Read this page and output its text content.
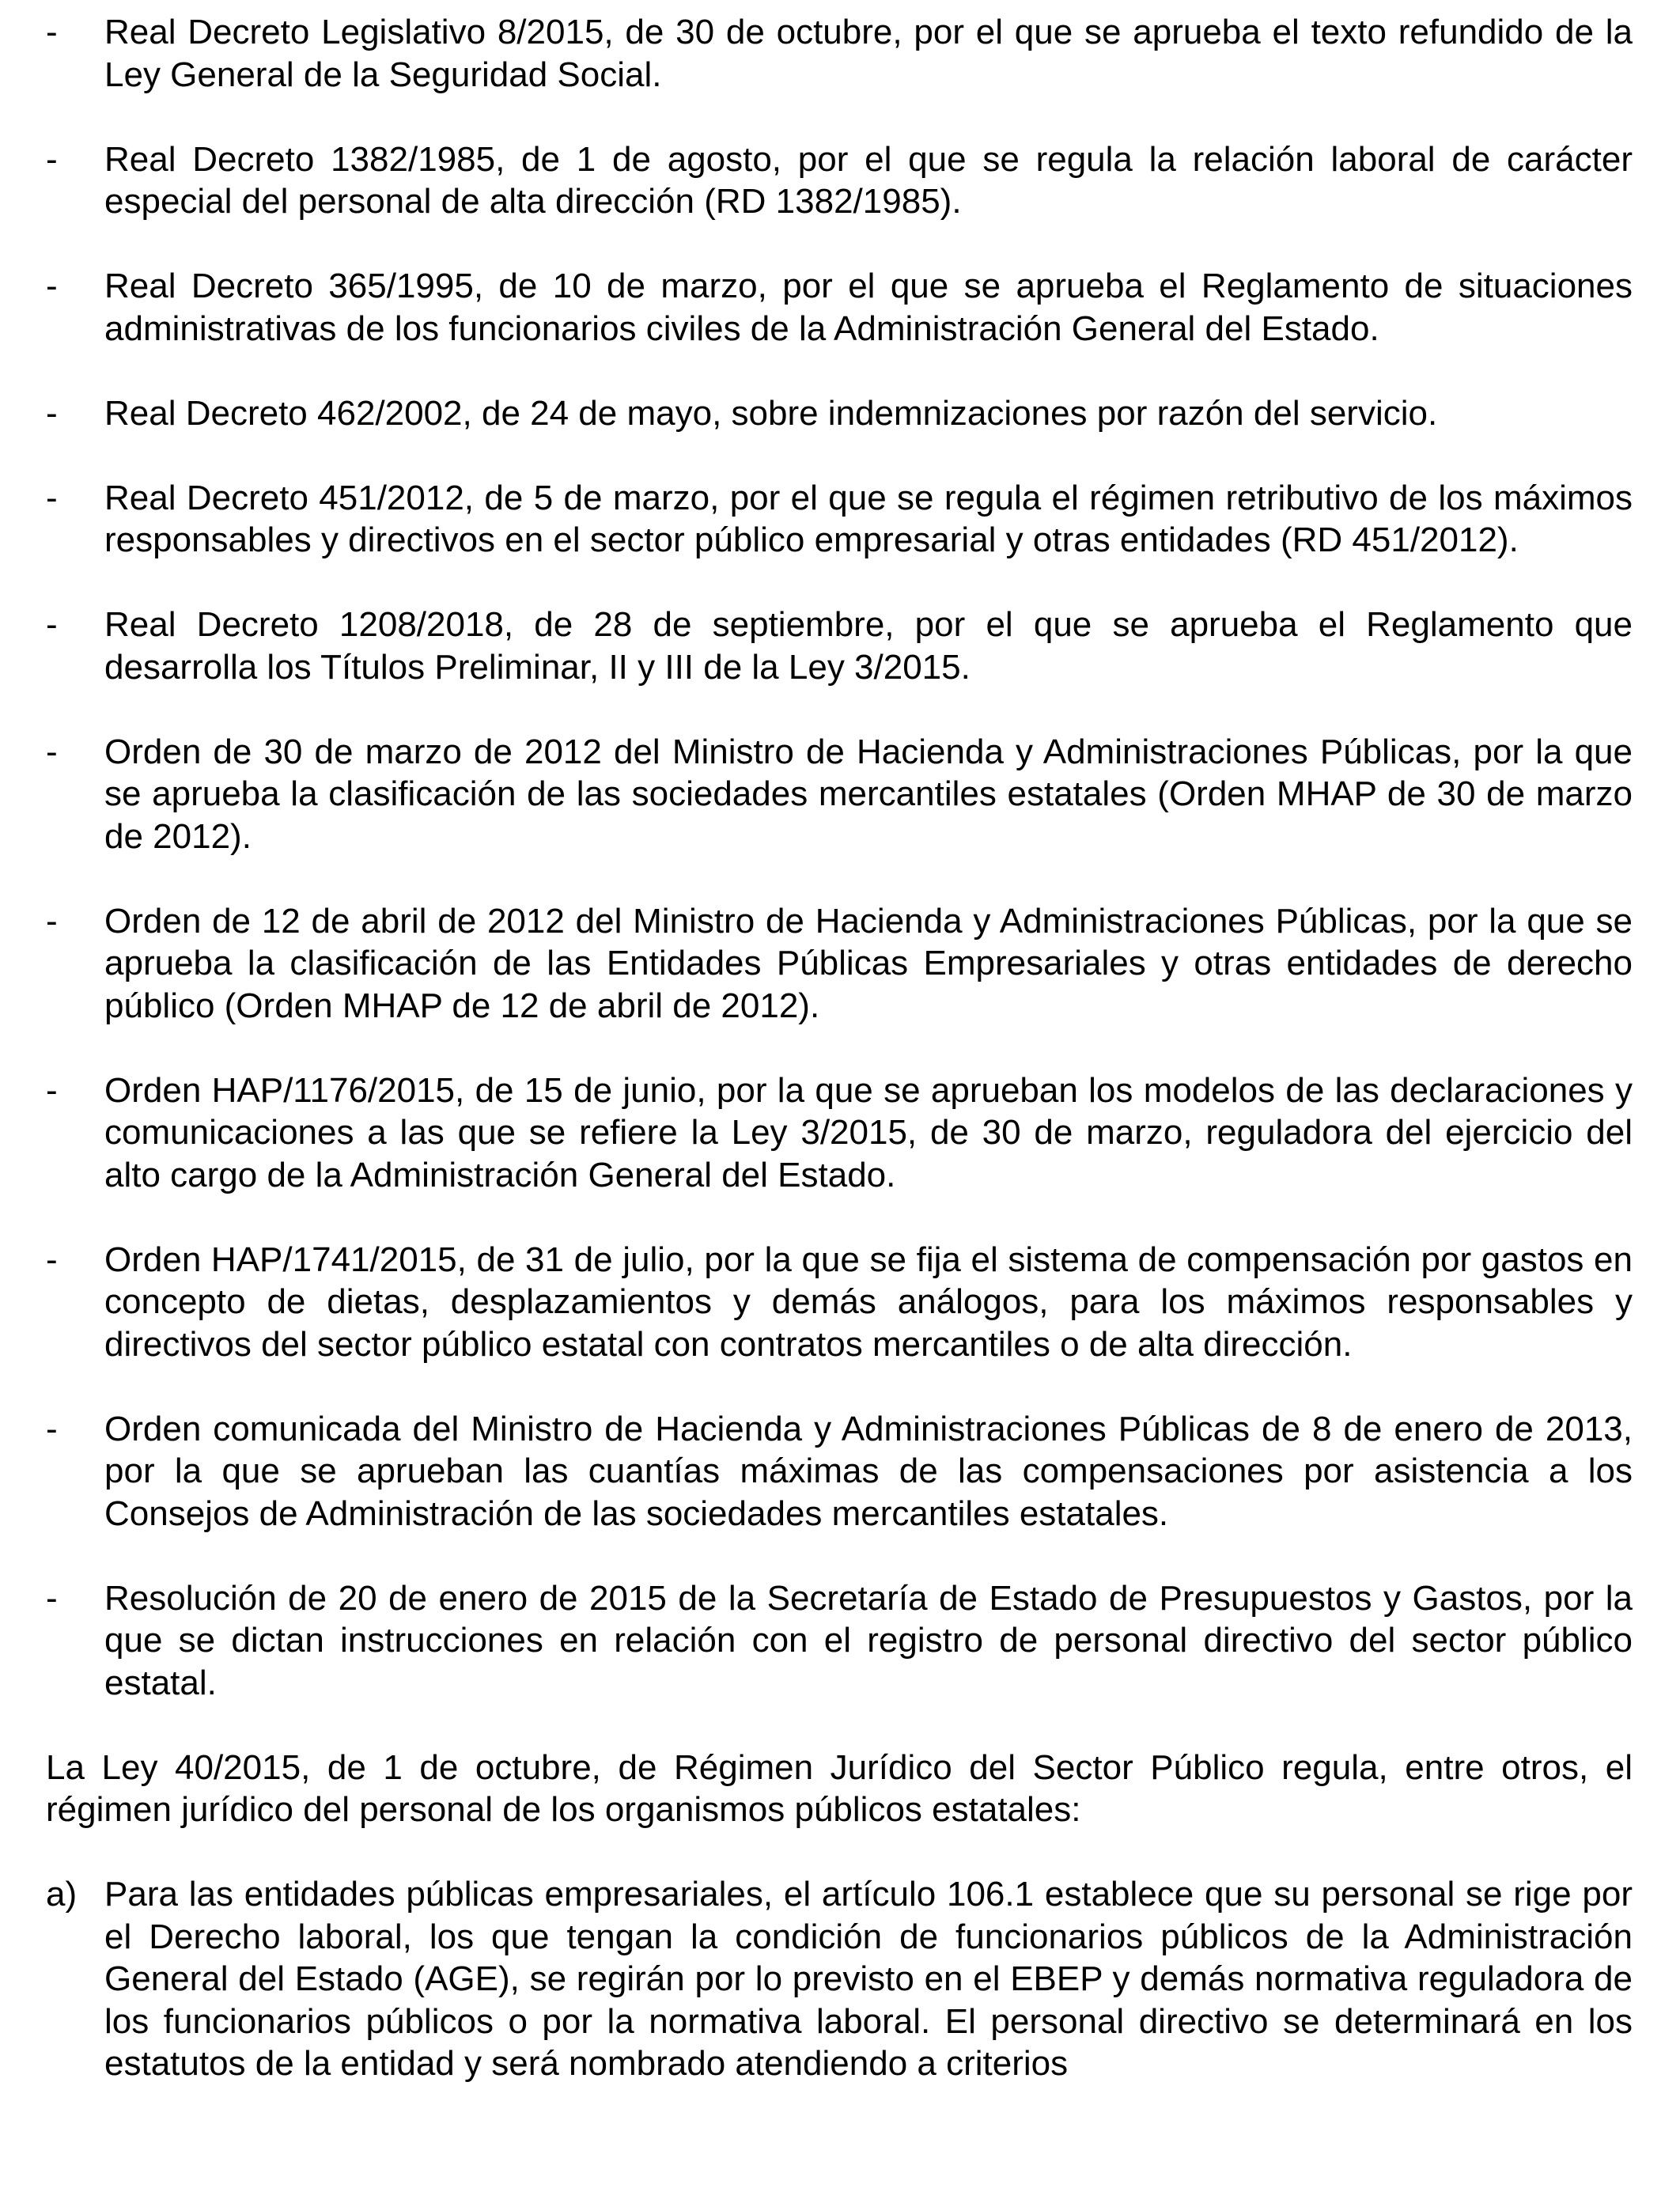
-	Real Decreto Legislativo 8/2015, de 30 de octubre, por el que se aprueba el texto refundido de la Ley General de la Seguridad Social.
-	Real Decreto 1382/1985, de 1 de agosto, por el que se regula la relación laboral de carácter especial del personal de alta dirección (RD 1382/1985).
-	Real Decreto 365/1995, de 10 de marzo, por el que se aprueba el Reglamento de situaciones administrativas de los funcionarios civiles de la Administración General del Estado.
-	Real Decreto 462/2002, de 24 de mayo, sobre indemnizaciones por razón del servicio.
-	Real Decreto 451/2012, de 5 de marzo, por el que se regula el régimen retributivo de los máximos responsables y directivos en el sector público empresarial y otras entidades (RD 451/2012).
-	Real Decreto 1208/2018, de 28 de septiembre, por el que se aprueba el Reglamento que desarrolla los Títulos Preliminar, II y III de la Ley 3/2015.
-	Orden de 30 de marzo de 2012 del Ministro de Hacienda y Administraciones Públicas, por la que se aprueba la clasificación de las sociedades mercantiles estatales (Orden MHAP de 30 de marzo de 2012).
-	Orden de 12 de abril de 2012 del Ministro de Hacienda y Administraciones Públicas, por la que se aprueba la clasificación de las Entidades Públicas Empresariales y otras entidades de derecho público (Orden MHAP de 12 de abril de 2012).
-	Orden HAP/1176/2015, de 15 de junio, por la que se aprueban los modelos de las declaraciones y comunicaciones a las que se refiere la Ley 3/2015, de 30 de marzo, reguladora del ejercicio del alto cargo de la Administración General del Estado.
-	Orden HAP/1741/2015, de 31 de julio, por la que se fija el sistema de compensación por gastos en concepto de dietas, desplazamientos y demás análogos, para los máximos responsables y directivos del sector público estatal con contratos mercantiles o de alta dirección.
-	Orden comunicada del Ministro de Hacienda y Administraciones Públicas de 8 de enero de 2013, por la que se aprueban las cuantías máximas de las compensaciones por asistencia a los Consejos de Administración de las sociedades mercantiles estatales.
-	Resolución de 20 de enero de 2015 de la Secretaría de Estado de Presupuestos y Gastos, por la que se dictan instrucciones en relación con el registro de personal directivo del sector público estatal.

La Ley 40/2015, de 1 de octubre, de Régimen Jurídico del Sector Público regula, entre otros, el régimen jurídico del personal de los organismos públicos estatales:

a) Para las entidades públicas empresariales, el artículo 106.1 establece que su personal se rige por el Derecho laboral, los que tengan la condición de funcionarios públicos de la Administración General del Estado (AGE), se regirán por lo previsto en el EBEP y demás normativa reguladora de los funcionarios públicos o por la normativa laboral. El personal directivo se determinará en los estatutos de la entidad y será nombrado atendiendo a criterios
